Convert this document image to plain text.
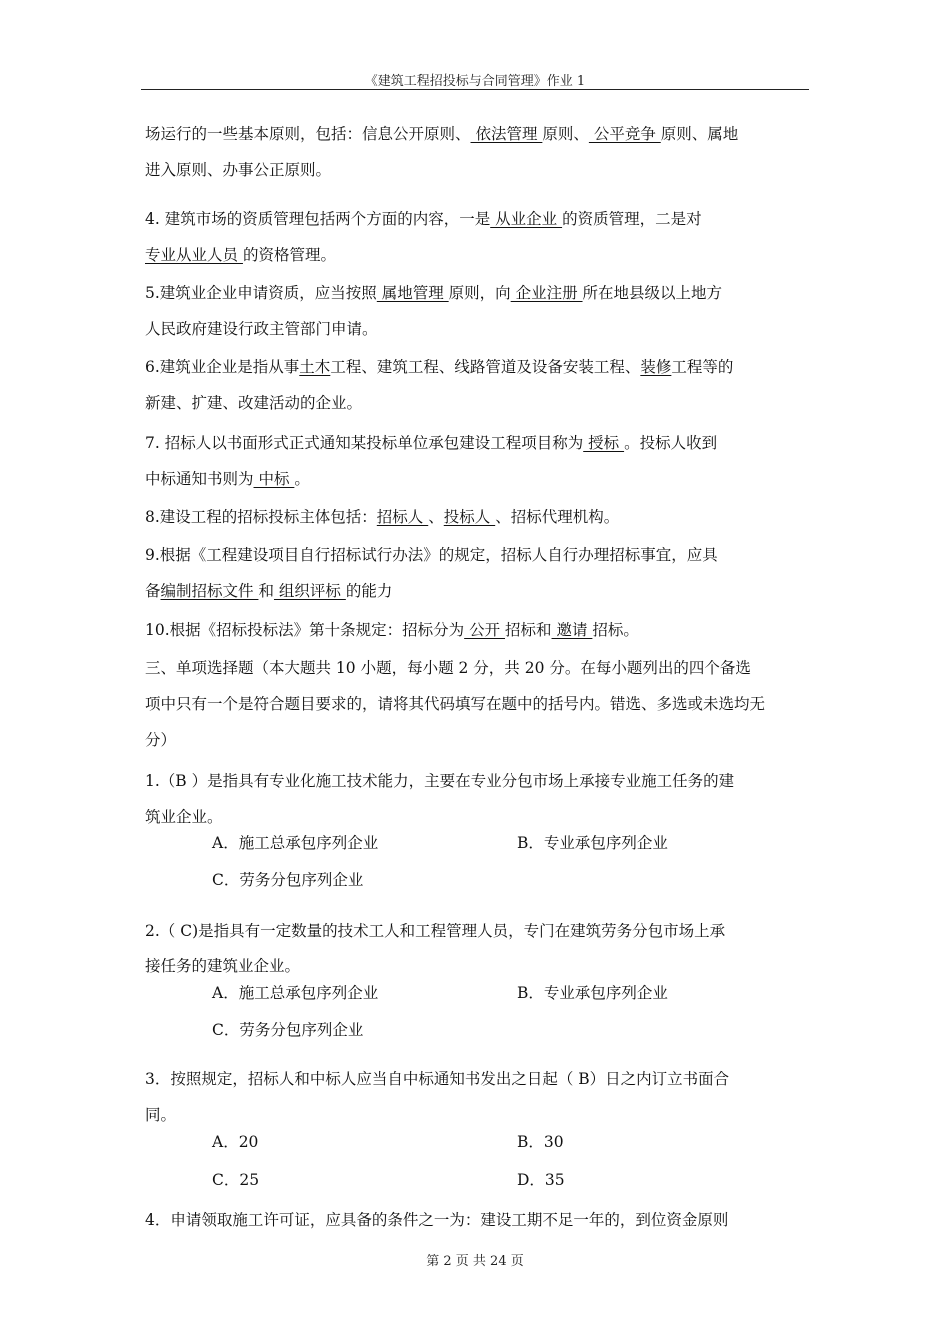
《建筑工程招投标与合同管理》作业 1
场运行的一些基本原则，包括：信息公开原则、 依法管理 原则、 公平竞争 原则、属地
进入原则、办事公正原则。
4. 建筑市场的资质管理包括两个方面的内容，一是 从业企业 的资质管理，二是对
专业从业人员 的资格管理。
5.建筑业企业申请资质，应当按照 属地管理 原则，向 企业注册 所在地县级以上地方
人民政府建设行政主管部门申请。
6.建筑业企业是指从事土木工程、建筑工程、线路管道及设备安装工程、装修工程等的
新建、扩建、改建活动的企业。
7. 招标人以书面形式正式通知某投标单位承包建设工程项目称为 授标 。投标人收到
中标通知书则为 中标 。
8.建设工程的招标投标主体包括：招标人 、投标人 、招标代理机构。
9.根据《工程建设项目自行招标试行办法》的规定，招标人自行办理招标事宜，应具
备编制招标文件 和 组织评标 的能力
10.根据《招标投标法》第十条规定：招标分为 公开 招标和 邀请 招标。
三、单项选择题（本大题共 10 小题，每小题 2 分，共 20 分。在每小题列出的四个备选
项中只有一个是符合题目要求的，请将其代码填写在题中的括号内。错选、多选或未选均无
分）
1.（B ）是指具有专业化施工技术能力，主要在专业分包市场上承接专业施工任务的建
筑业企业。
2.（ C)是指具有一定数量的技术工人和工程管理人员，专门在建筑劳务分包市场上承
接任务的建筑业企业。
3．按照规定，招标人和中标人应当自中标通知书发出之日起（ B）日之内订立书面合
同。
4．申请领取施工许可证，应具备的条件之一为：建设工期不足一年的，到位资金原则
A．施工总承包序列企业	B．专业承包序列企业
C．劳务分包序列企业
A．施工总承包序列企业	B．专业承包序列企业
C．劳务分包序列企业
A．20	B．30
C．25	D．35
第 2 页 共 24 页
